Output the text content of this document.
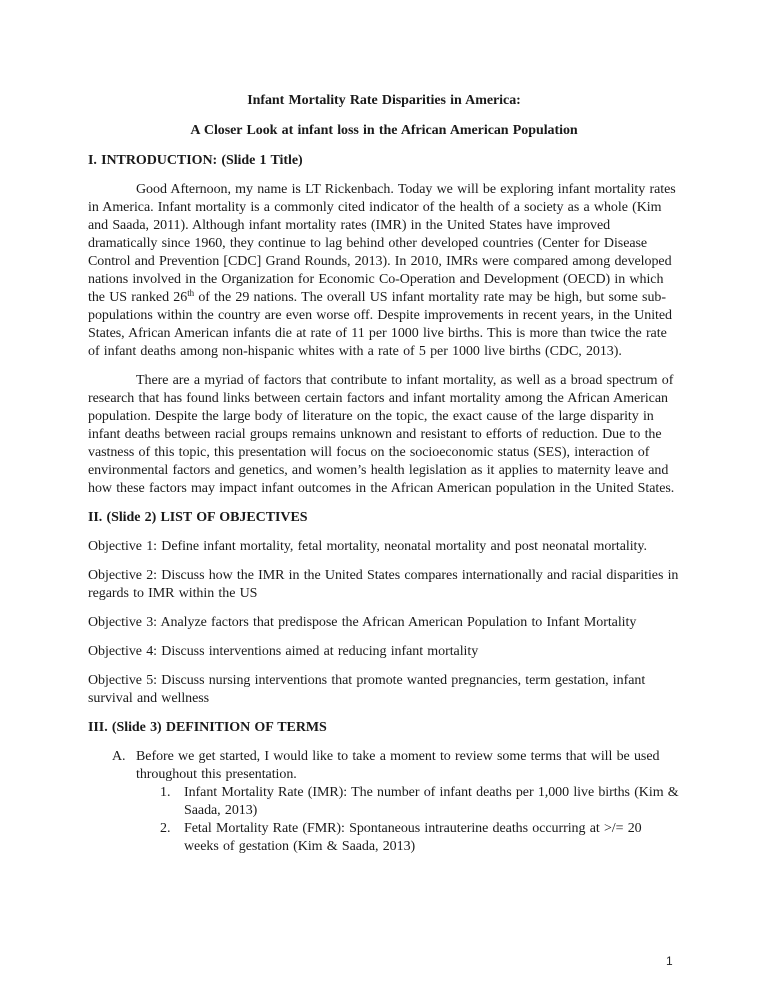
Infant Mortality Rate Disparities in America:
A Closer Look at infant loss in the African American Population
I. INTRODUCTION: (Slide 1 Title)

Good Afternoon, my name is LT Rickenbach. Today we will be exploring infant mortality rates in America. Infant mortality is a commonly cited indicator of the health of a society as a whole (Kim and Saada, 2011). Although infant mortality rates (IMR) in the United States have improved dramatically since 1960, they continue to lag behind other developed countries (Center for Disease Control and Prevention [CDC] Grand Rounds, 2013). In 2010, IMRs were compared among developed nations involved in the Organization for Economic Co-Operation and Development (OECD) in which the US ranked 26th of the 29 nations. The overall US infant mortality rate may be high, but some sub-populations within the country are even worse off. Despite improvements in recent years, in the United States, African American infants die at rate of 11 per 1000 live births. This is more than twice the rate of infant deaths among non-hispanic whites with a rate of 5 per 1000 live births (CDC, 2013).

There are a myriad of factors that contribute to infant mortality, as well as a broad spectrum of research that has found links between certain factors and infant mortality among the African American population. Despite the large body of literature on the topic, the exact cause of the large disparity in infant deaths between racial groups remains unknown and resistant to efforts of reduction. Due to the vastness of this topic, this presentation will focus on the socioeconomic status (SES), interaction of environmental factors and genetics, and women’s health legislation as it applies to maternity leave and how these factors may impact infant outcomes in the African American population in the United States.

II. (Slide 2) LIST OF OBJECTIVES

Objective 1: Define infant mortality, fetal mortality, neonatal mortality and post neonatal mortality.

Objective 2: Discuss how the IMR in the United States compares internationally and racial disparities in regards to IMR within the US

Objective 3: Analyze factors that predispose the African American Population to Infant Mortality

Objective 4: Discuss interventions aimed at reducing infant mortality

Objective 5: Discuss nursing interventions that promote wanted pregnancies, term gestation, infant survival and wellness

III. (Slide 3) DEFINITION OF TERMS
A. Before we get started, I would like to take a moment to review some terms that will be used throughout this presentation.
1. Infant Mortality Rate (IMR): The number of infant deaths per 1,000 live births (Kim & Saada, 2013)
2. Fetal Mortality Rate (FMR): Spontaneous intrauterine deaths occurring at >/= 20 weeks of gestation (Kim & Saada, 2013)
1
